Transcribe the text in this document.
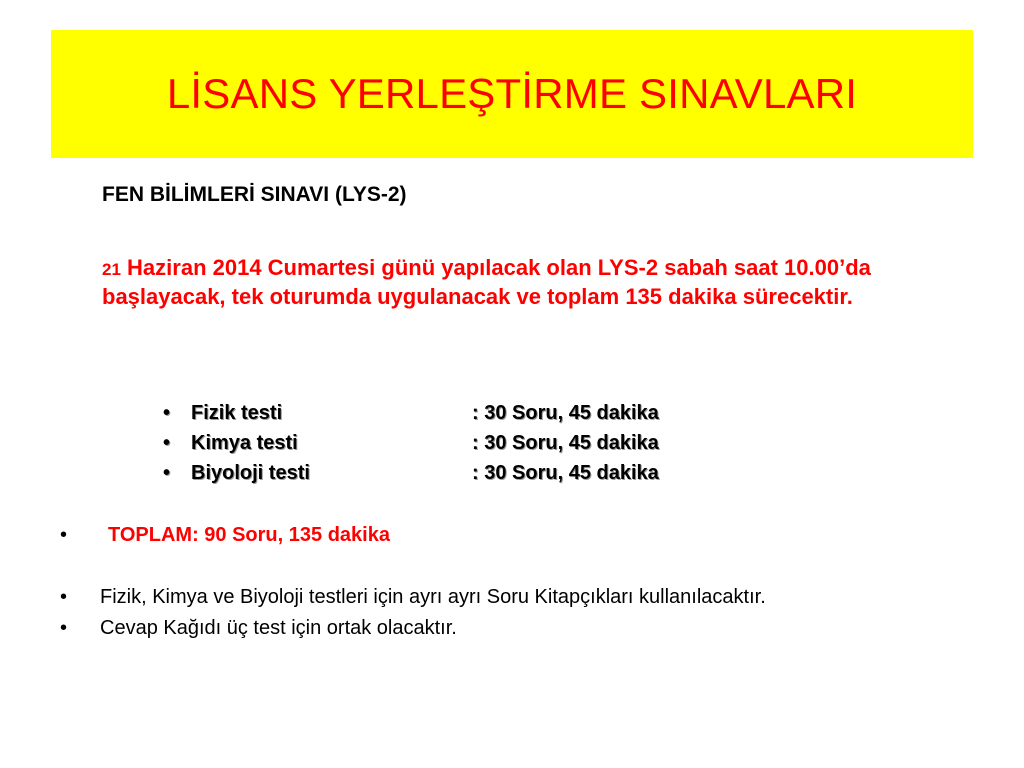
LİSANS YERLEŞTİRME SINAVLARI
FEN BİLİMLERİ SINAVI (LYS-2)
21 Haziran 2014 Cumartesi günü yapılacak olan LYS-2 sabah saat 10.00’da başlayacak, tek oturumda uygulanacak ve toplam 135 dakika sürecektir.
• Fizik testi	: 30 Soru, 45 dakika
• Kimya testi	: 30 Soru, 45 dakika
• Biyoloji testi	: 30 Soru, 45 dakika
• TOPLAM: 90 Soru, 135 dakika
• Fizik, Kimya ve Biyoloji testleri için ayrı ayrı Soru Kitapçıkları kullanılacaktır.
• Cevap Kağıdı üç test için ortak olacaktır.
